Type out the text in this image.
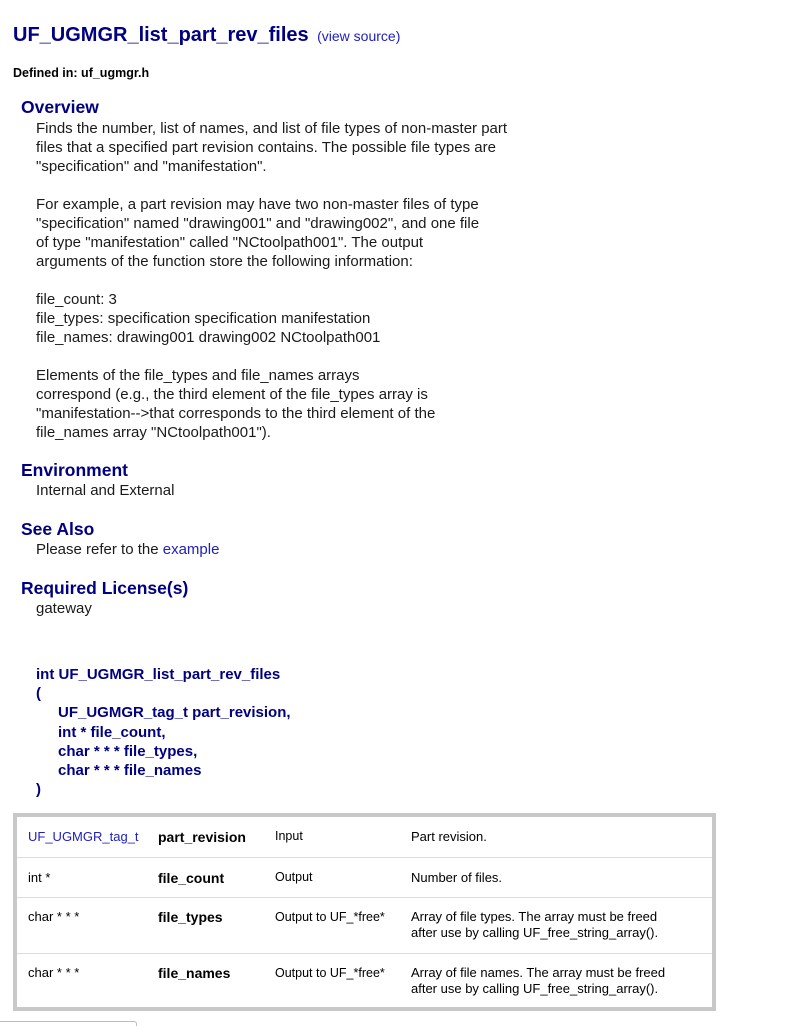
UF_UGMGR_list_part_rev_files (view source)
Defined in: uf_ugmgr.h
Overview

Finds the number, list of names, and list of file types of non-master part
files that a specified part revision contains. The possible file types are
"specification" and "manifestation".

For example, a part revision may have two non-master files of type
"specification" named "drawing001" and "drawing002", and one file
of type "manifestation" called "NCtoolpath001". The output
arguments of the function store the following information:

file_count: 3
file_types: specification specification manifestation
file_names: drawing001 drawing002 NCtoolpath001

Elements of the file_types and file_names arrays
correspond (e.g., the third element of the file_types array is
"manifestation-->that corresponds to the third element of the
file_names array "NCtoolpath001").

Environment
Internal and External
See Also
Please refer to the example
Required License(s)
gateway
int UF_UGMGR_list_part_rev_files
(
UF_UGMGR_tag_t part_revision,
int * file_count,
char * * * file_types,
char * * * file_names
)
UF_UGMGR_tag_t	part_revision	Input	Part revision.
int *	file_count	Output	Number of files.
char * * *	file_types	Output to UF_*free*	Array of file types. The array must be freed
after use by calling UF_free_string_array().
char * * *	file_names	Output to UF_*free*	Array of file names. The array must be freed
after use by calling UF_free_string_array().
